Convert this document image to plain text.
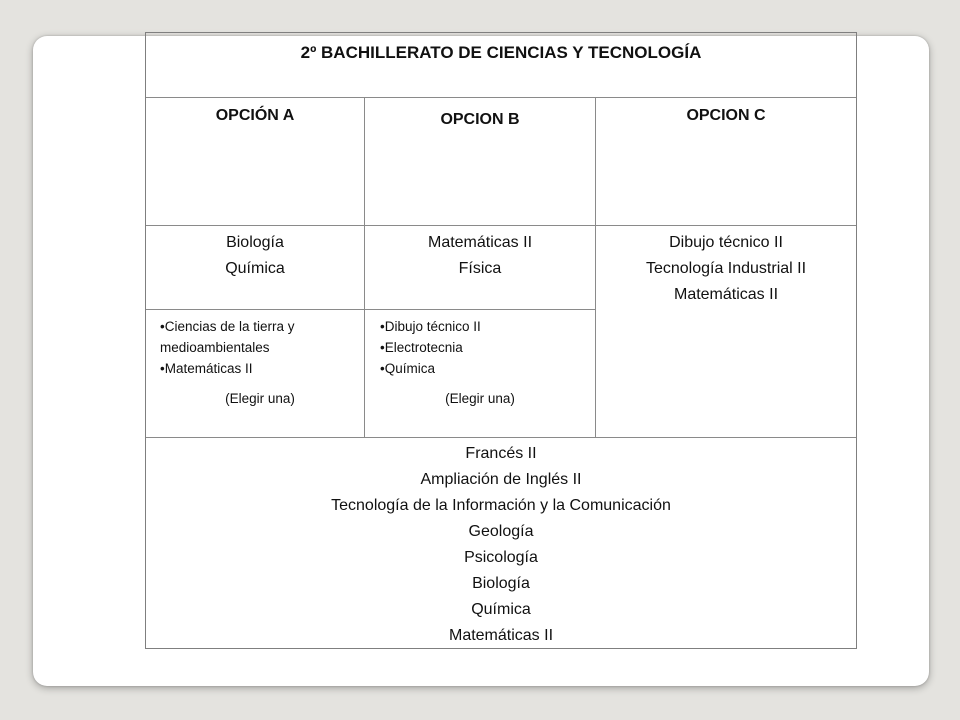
2º BACHILLERATO DE CIENCIAS Y TECNOLOGÍA
OPCIÓN A	OPCION B	OPCION C
Biología
Química
Matemáticas II
Física
Dibujo técnico II
Tecnología Industrial II
Matemáticas II
•Ciencias de la tierra y
medioambientales
•Matemáticas II
(Elegir una)
•Dibujo técnico II
•Electrotecnia
•Química
(Elegir una)
Francés II
Ampliación de Inglés II
Tecnología de la Información y la Comunicación
Geología
Psicología
Biología
Química
Matemáticas II
